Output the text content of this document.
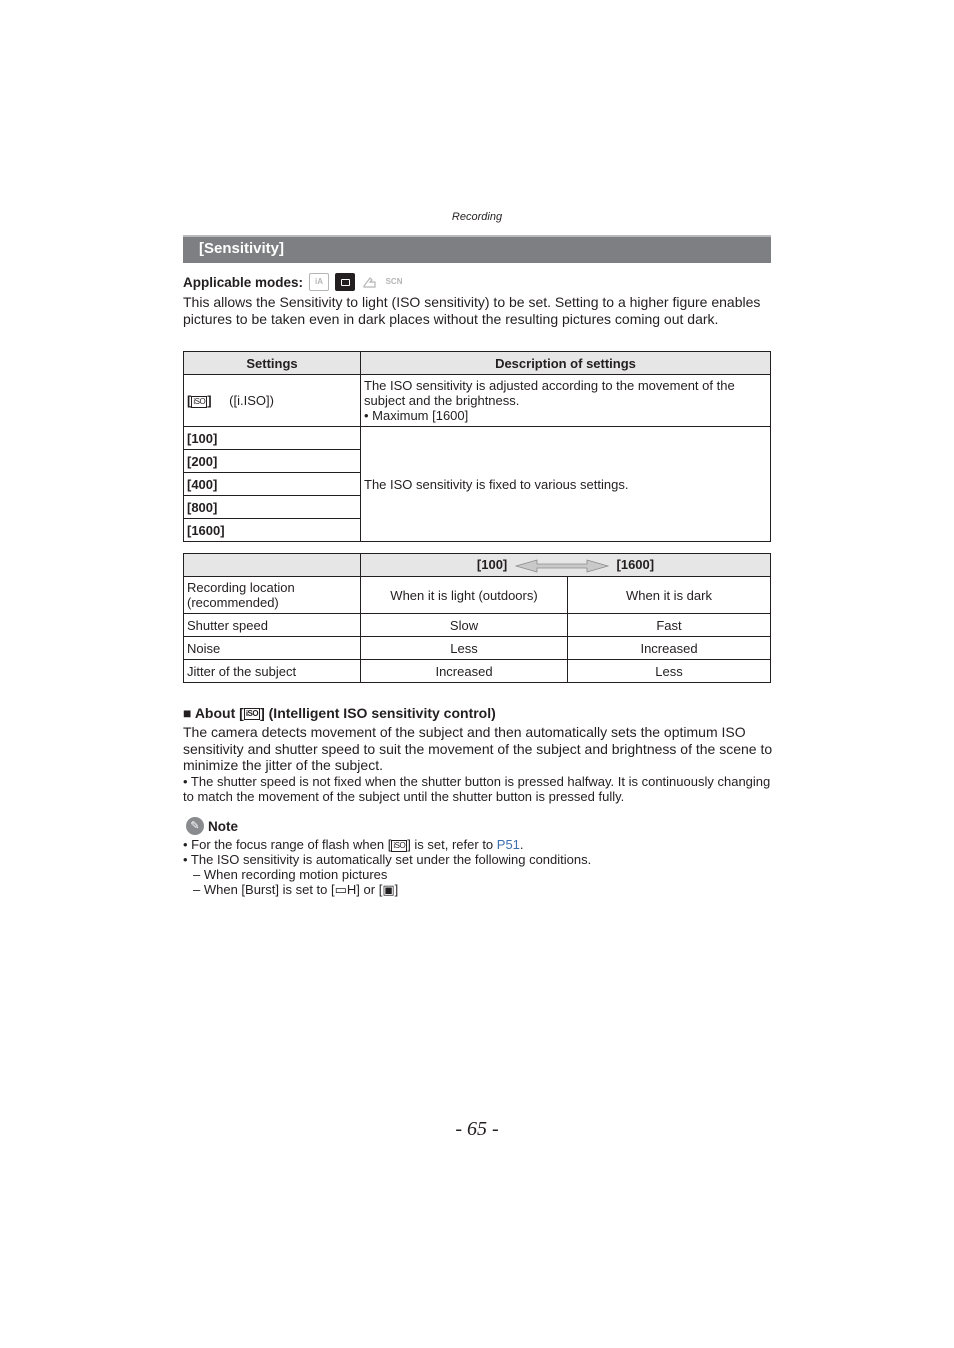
Recording
[Sensitivity]
Applicable modes:	iA	SCN
This allows the Sensitivity to light (ISO sensitivity) to be set. Setting to a higher figure enables pictures to be taken even in dark places without the resulting pictures coming out dark.
Settings	Description of settings
[ iSO ] ([i.ISO])	The ISO sensitivity is adjusted according to the movement of the subject and the brightness.
• Maximum [1600]

[100]	The ISO sensitivity is fixed to various settings.
[200]	
[400]	
[800]	
[1600]	
	[100] [1600]	
Recording location (recommended)	When it is light (outdoors)	When it is dark
Shutter speed	Slow	Fast
Noise	Less	Increased
Jitter of the subject	Increased	Less
■ About [ iSO ] (Intelligent ISO sensitivity control)
The camera detects movement of the subject and then automatically sets the optimum ISO sensitivity and shutter speed to suit the movement of the subject and brightness of the scene to minimize the jitter of the subject.
• The shutter speed is not fixed when the shutter button is pressed halfway. It is continuously changing to match the movement of the subject until the shutter button is pressed fully.
✎ Note
• For the focus range of flash when [ iSO ] is set, refer to P51.
• The ISO sensitivity is automatically set under the following conditions.
– When recording motion pictures
– When [Burst] is set to [▭H] or [▣]
- 65 -
